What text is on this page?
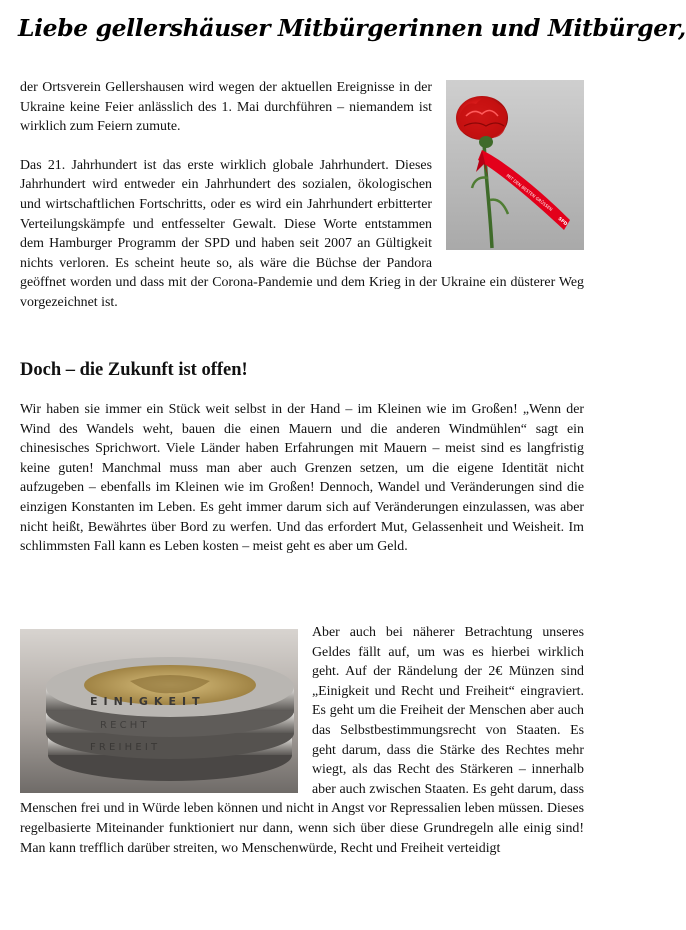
Liebe gellershäuser Mitbürgerinnen und Mitbürger,
MIT DEN BESTEN GRÜSSEN
SPD

der Ortsverein Gellershausen wird wegen der aktuellen Ereignisse in der Ukraine keine Feier anlässlich des 1. Mai durchführen – niemandem ist wirklich zum Feiern zumute.

Das 21. Jahrhundert ist das erste wirklich globale Jahrhundert. Dieses Jahrhundert wird entweder ein Jahrhundert des sozialen, ökologischen und wirtschaftlichen Fortschritts, oder es wird ein Jahrhundert erbitterter Verteilungskämpfe und entfesselter Gewalt. Diese Worte entstammen dem Hamburger Programm der SPD und haben seit 2007 an Gültigkeit nichts verloren. Es scheint heute so, als wäre die Büchse der Pandora geöffnet worden und dass mit der Corona-Pandemie und dem Krieg in der Ukraine ein düsterer Weg vorgezeichnet ist.

Doch – die Zukunft ist offen!

Wir haben sie immer ein Stück weit selbst in der Hand – im Kleinen wie im Großen! „Wenn der Wind des Wandels weht, bauen die einen Mauern und die anderen Windmühlen“ sagt ein chinesisches Sprichwort. Viele Länder haben Erfahrungen mit Mauern – meist sind es langfristig keine guten! Manchmal muss man aber auch Grenzen setzen, um die eigene Identität nicht aufzugeben – ebenfalls im Kleinen wie im Großen! Dennoch, Wandel und Veränderungen sind die einzigen Konstanten im Leben. Es geht immer darum sich auf Veränderungen einzulassen, was aber nicht heißt, Bewährtes über Bord zu werfen. Und das erfordert Mut, Gelassenheit und Weisheit. Im schlimmsten Fall kann es Leben kosten – meist geht es aber um Geld.

EINIGKEIT
R E C H T
F R E I H E I T

Aber auch bei näherer Betrachtung unseres Geldes fällt auf, um was es hierbei wirklich geht. Auf der Rändelung der 2€ Münzen sind „Einigkeit und Recht und Freiheit“ eingraviert. Es geht um die Freiheit der Menschen aber auch das Selbstbestimmungsrecht von Staaten. Es geht darum, dass die Stärke des Rechtes mehr wiegt, als das Recht des Stärkeren – innerhalb aber auch zwischen Staaten. Es geht darum, dass Menschen frei und in Würde leben können und nicht in Angst vor Repressalien leben müssen. Dieses regelbasierte Miteinander funktioniert nur dann, wenn sich über diese Grundregeln alle einig sind! Man kann trefflich darüber streiten, wo Menschenwürde, Recht und Freiheit verteidigt
